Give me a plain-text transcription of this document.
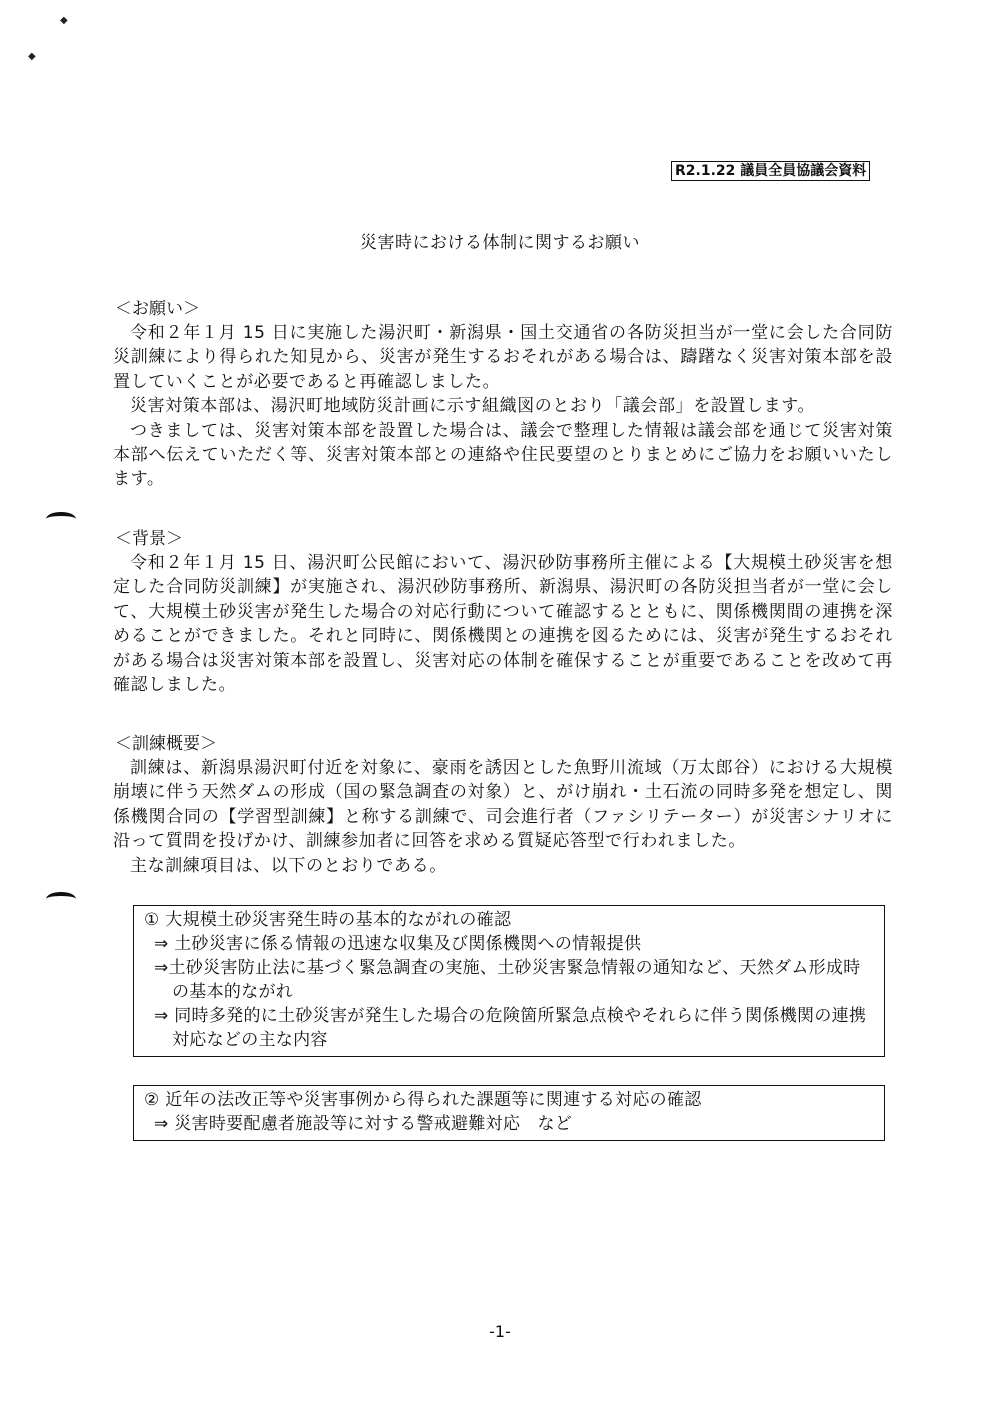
◆
◆
R2.1.22 議員全員協議会資料
災害時における体制に関するお願い
＜お願い＞
令和２年１月 15 日に実施した湯沢町・新潟県・国土交通省の各防災担当が一堂に会した合同防災訓練により得られた知見から、災害が発生するおそれがある場合は、躊躇なく災害対策本部を設置していくことが必要であると再確認しました。
災害対策本部は、湯沢町地域防災計画に示す組織図のとおり「議会部」を設置します。
つきましては、災害対策本部を設置した場合は、議会で整理した情報は議会部を通じて災害対策本部へ伝えていただく等、災害対策本部との連絡や住民要望のとりまとめにご協力をお願いいたします。
＜背景＞
令和２年１月 15 日、湯沢町公民館において、湯沢砂防事務所主催による【大規模土砂災害を想定した合同防災訓練】が実施され、湯沢砂防事務所、新潟県、湯沢町の各防災担当者が一堂に会して、大規模土砂災害が発生した場合の対応行動について確認するとともに、関係機関間の連携を深めることができました。それと同時に、関係機関との連携を図るためには、災害が発生するおそれがある場合は災害対策本部を設置し、災害対応の体制を確保することが重要であることを改めて再確認しました。
＜訓練概要＞
訓練は、新潟県湯沢町付近を対象に、豪雨を誘因とした魚野川流域（万太郎谷）における大規模崩壊に伴う天然ダムの形成（国の緊急調査の対象）と、がけ崩れ・土石流の同時多発を想定し、関係機関合同の【学習型訓練】と称する訓練で、司会進行者（ファシリテーター）が災害シナリオに沿って質問を投げかけ、訓練参加者に回答を求める質疑応答型で行われました。
主な訓練項目は、以下のとおりである。
① 大規模土砂災害発生時の基本的ながれの確認
⇒ 土砂災害に係る情報の迅速な収集及び関係機関への情報提供
⇒土砂災害防止法に基づく緊急調査の実施、土砂災害緊急情報の通知など、天然ダム形成時の基本的ながれ
⇒ 同時多発的に土砂災害が発生した場合の危険箇所緊急点検やそれらに伴う関係機関の連携対応などの主な内容
② 近年の法改正等や災害事例から得られた課題等に関連する対応の確認
⇒ 災害時要配慮者施設等に対する警戒避難対応　など
-1-
